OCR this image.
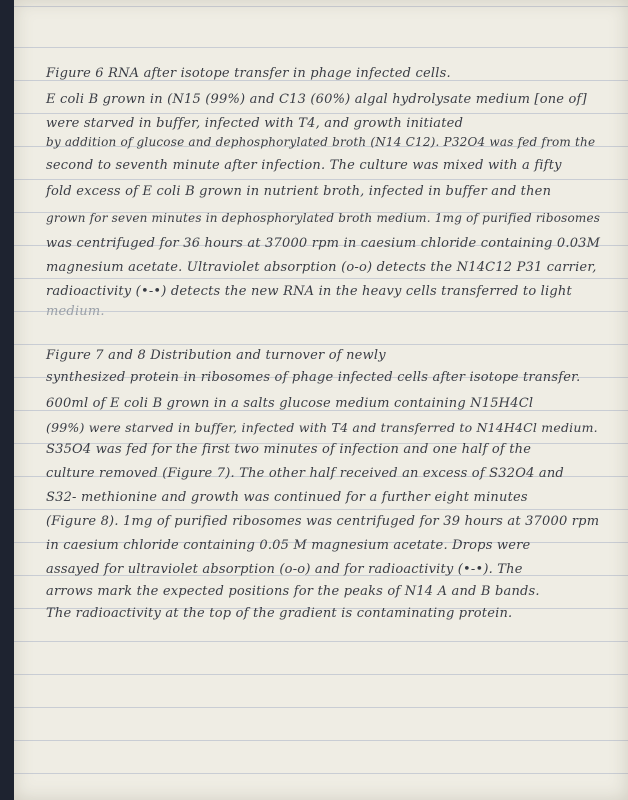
Figure 6 RNA after isotope transfer in phage infected cells.
E coli B grown in (N15 (99%) and C13 (60%) algal hydrolysate medium [one of]
were starved in buffer, infected with T4, and growth initiated
by addition of glucose and dephosphorylated broth (N14 C12). P32O4 was fed from the
second to seventh minute after infection. The culture was mixed with a fifty
fold excess of E coli B grown in nutrient broth, infected in buffer and then
grown for seven minutes in dephosphorylated broth medium. 1mg of purified ribosomes
was centrifuged for 36 hours at 37000 rpm in caesium chloride containing 0.03M
magnesium acetate. Ultraviolet absorption (o-o) detects the N14C12 P31 carrier,
radioactivity (•-•) detects the new RNA in the heavy cells transferred to light
medium.
Figure 7 and 8 Distribution and turnover of newly
synthesized protein in ribosomes of phage infected cells after isotope transfer.
600ml of E coli B grown in a salts glucose medium containing N15H4Cl
(99%) were starved in buffer, infected with T4 and transferred to N14H4Cl medium.
S35O4 was fed for the first two minutes of infection and one half of the
culture removed (Figure 7). The other half received an excess of S32O4 and
S32- methionine and growth was continued for a further eight minutes
(Figure 8). 1mg of purified ribosomes was centrifuged for 39 hours at 37000 rpm
in caesium chloride containing 0.05 M magnesium acetate. Drops were
assayed for ultraviolet absorption (o-o) and for radioactivity (•-•). The
arrows mark the expected positions for the peaks of N14 A and B bands.
The radioactivity at the top of the gradient is contaminating protein.
